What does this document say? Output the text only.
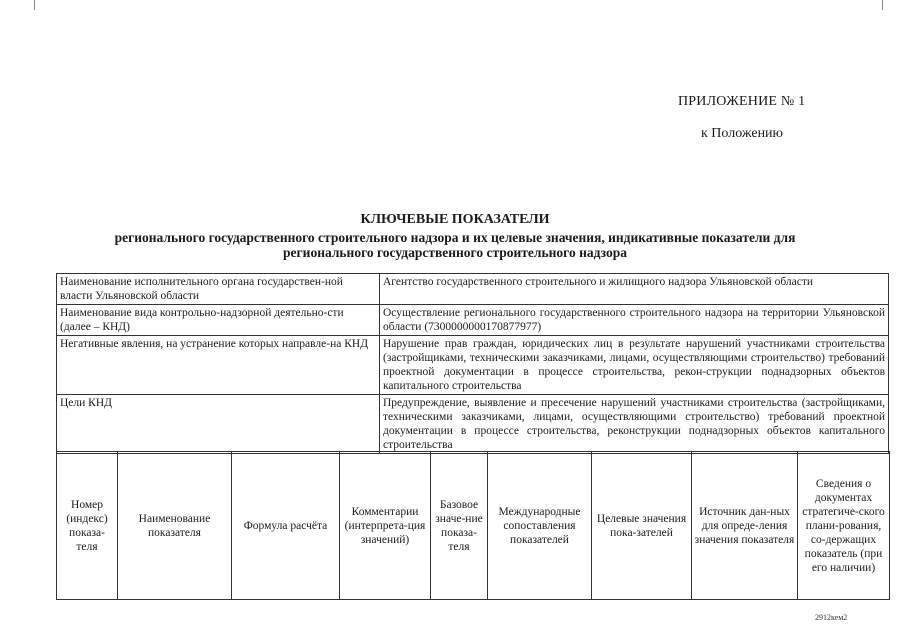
ПРИЛОЖЕНИЕ № 1
к Положению
КЛЮЧЕВЫЕ ПОКАЗАТЕЛИ
регионального государственного строительного надзора и их целевые значения, индикативные показатели для
регионального государственного строительного надзора
Наименование исполнительного органа государствен-ной власти Ульяновской области	Агентство государственного строительного и жилищного надзора Ульяновской области
Наименование вида контрольно-надзорной деятельно-сти (далее – КНД)	Осуществление регионального государственного строительного надзора на территории Ульяновской области (7300000000170877977)
Негативные явления, на устранение которых направле-на КНД	Нарушение прав граждан, юридических лиц в результате нарушений участниками строительства (застройщиками, техническими заказчиками, лицами, осуществляющими строительство) требований проектной документации в процессе строительства, рекон-струкции поднадзорных объектов капитального строительства
Цели КНД	Предупреждение, выявление и пресечение нарушений участниками строительства (застройщиками, техническими заказчиками, лицами, осуществляющими строительство) требований проектной документации в процессе строительства, реконструкции поднадзорных объектов капитального строительства
Номер (индекс) показа-теля	Наименование показателя	Формула расчёта	Комментарии (интерпрета-ция значений)	Базовое значе-ние показа-теля	Международные сопоставления показателей	Целевые значения пока-зателей	Источник дан-ных для опреде-ления значения показателя	Сведения о документах стратегиче-ского плани-рования, со-держащих показатель (при его наличии)
2912кем2
